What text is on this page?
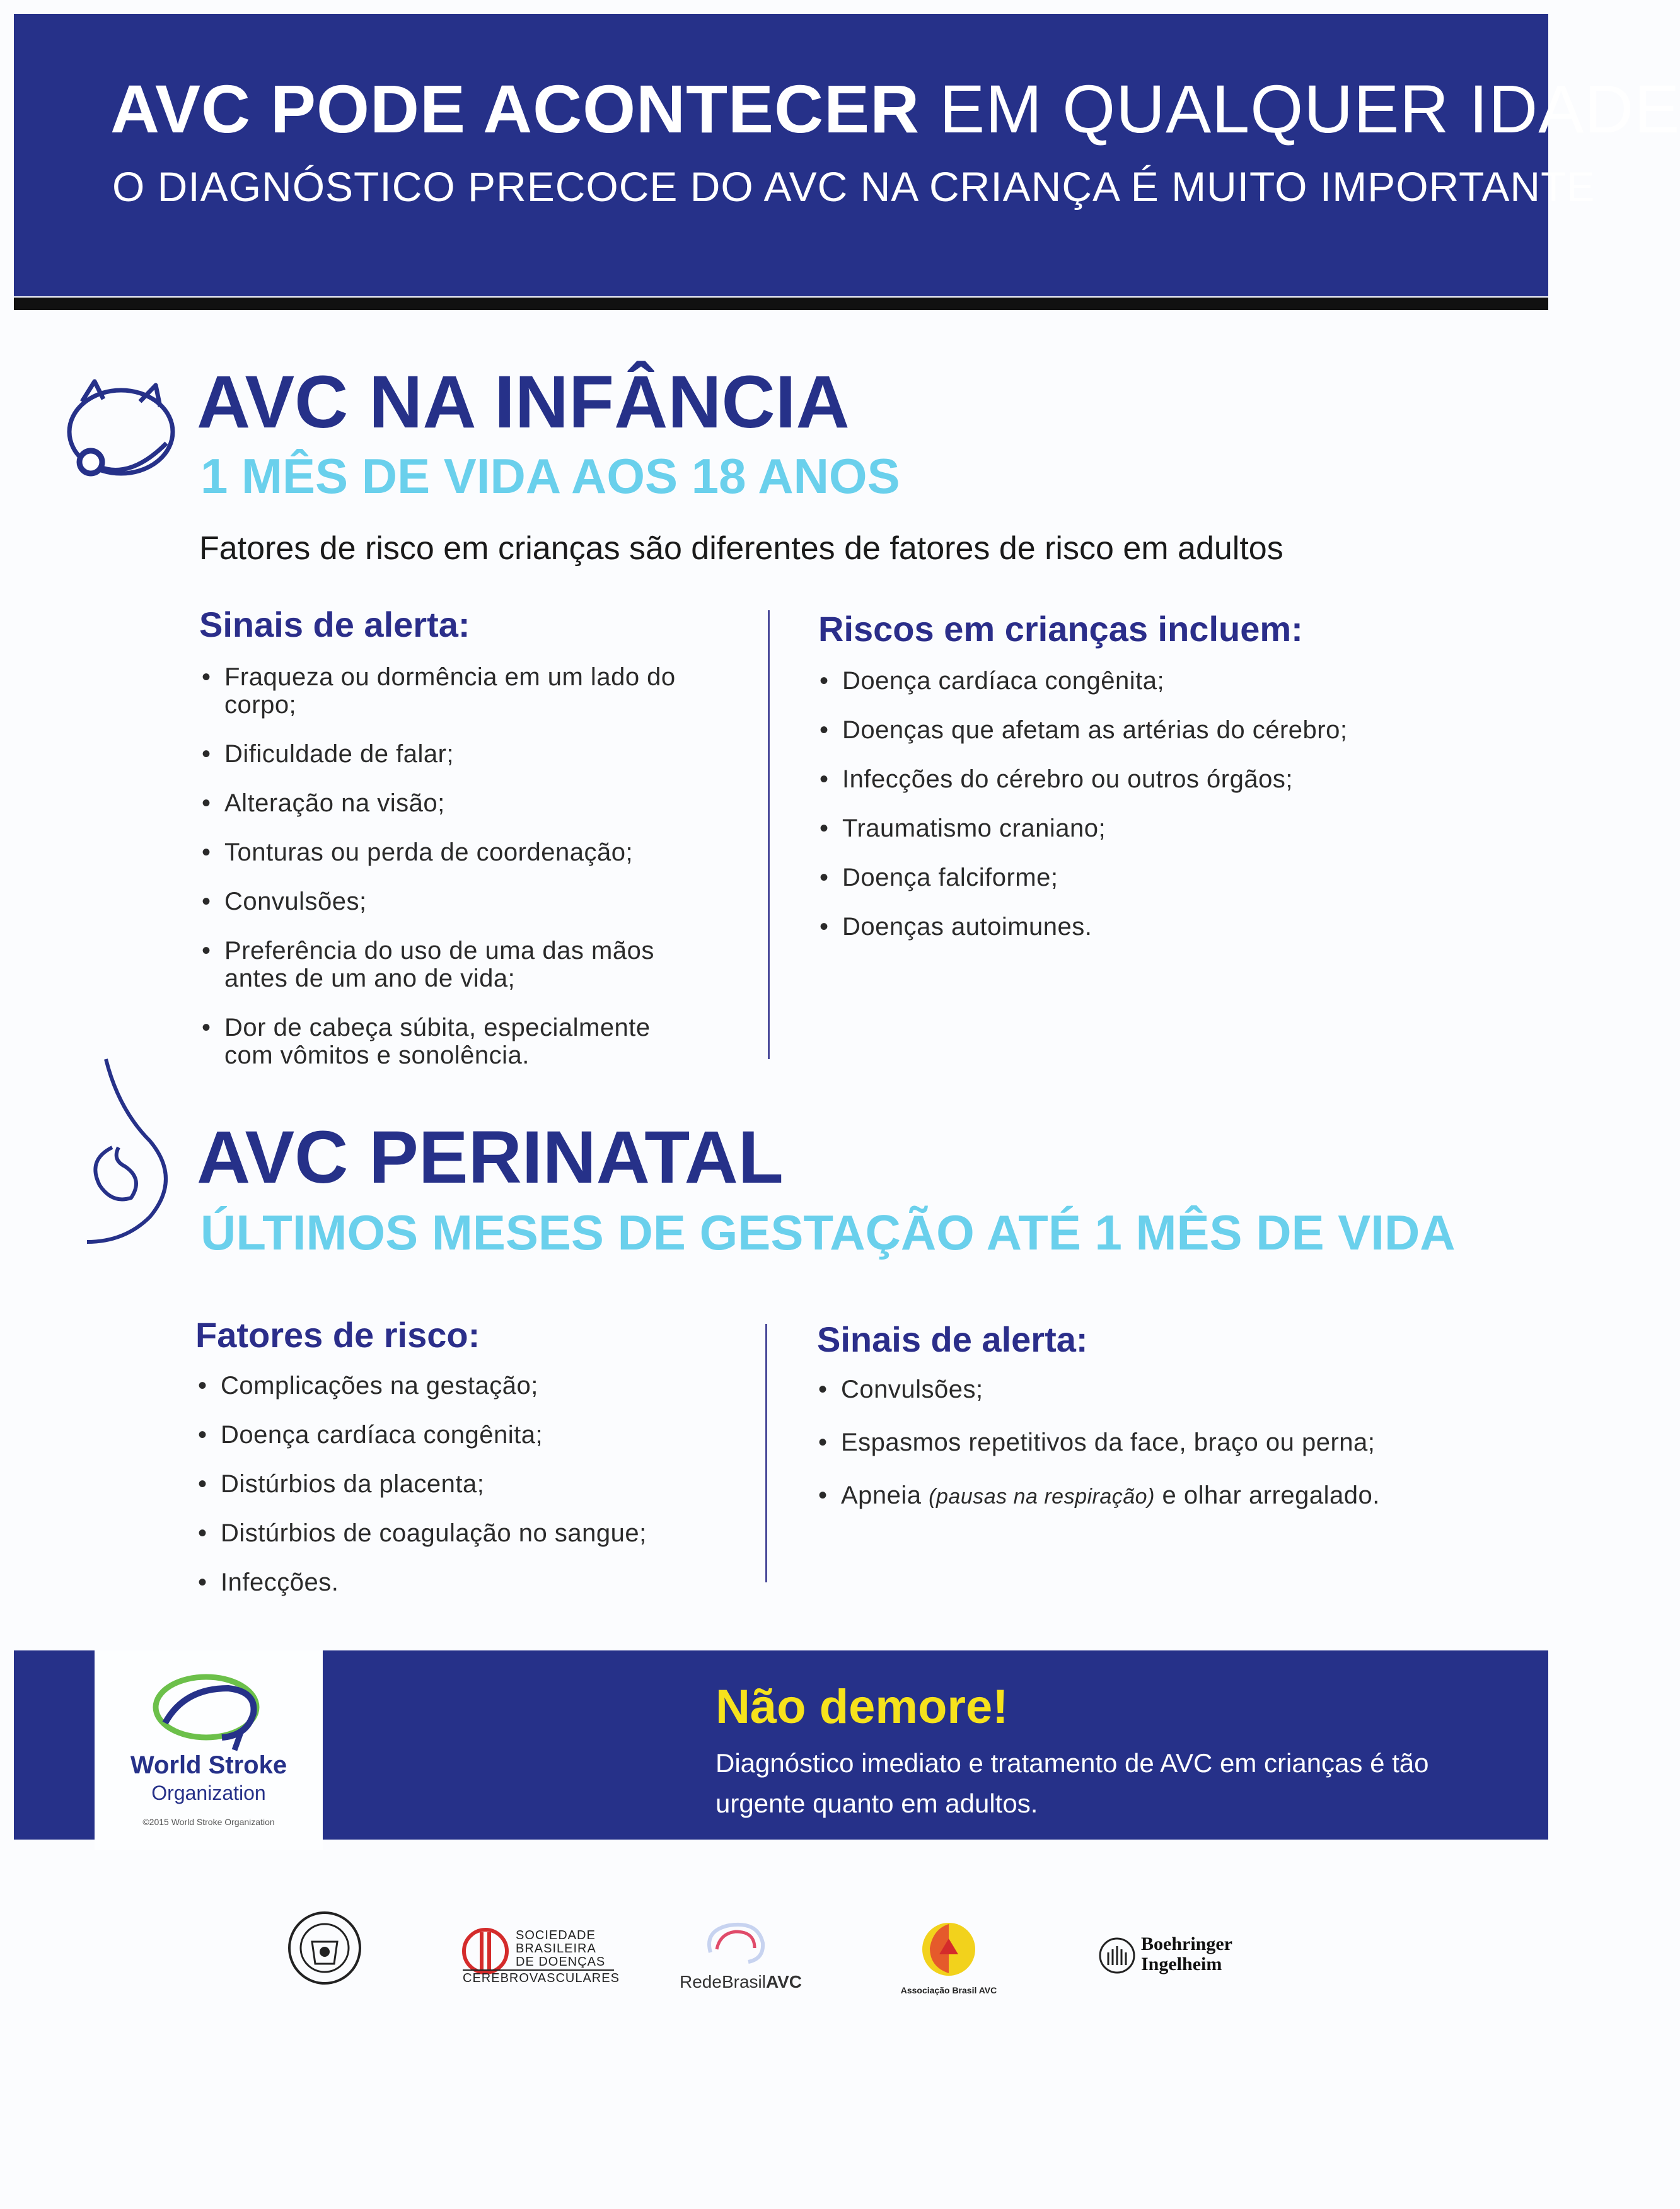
AVC PODE ACONTECER EM QUALQUER IDADE
O DIAGNÓSTICO PRECOCE DO AVC NA CRIANÇA É MUITO IMPORTANTE
AVC NA INFÂNCIA
1 MÊS DE VIDA AOS 18 ANOS
Fatores de risco em crianças são diferentes de fatores de risco em adultos
Sinais de alerta:
• Fraqueza ou dormência em um lado do corpo;
• Dificuldade de falar;
• Alteração na visão;
• Tonturas ou perda de coordenação;
• Convulsões;
• Preferência do uso de uma das mãos antes de um ano de vida;
• Dor de cabeça súbita, especialmente com vômitos e sonolência.
Riscos em crianças incluem:
• Doença cardíaca congênita;
• Doenças que afetam as artérias do cérebro;
• Infecções do cérebro ou outros órgãos;
• Traumatismo craniano;
• Doença falciforme;
• Doenças autoimunes.
AVC PERINATAL
ÚLTIMOS MESES DE GESTAÇÃO ATÉ 1 MÊS DE VIDA
Fatores de risco:
• Complicações na gestação;
• Doença cardíaca congênita;
• Distúrbios da placenta;
• Distúrbios de coagulação no sangue;
• Infecções.
Sinais de alerta:
• Convulsões;
• Espasmos repetitivos da face, braço ou perna;
• Apneia (pausas na respiração) e olhar arregalado.
World Stroke
Organization
©2015 World Stroke Organization
Não demore!
Diagnóstico imediato e tratamento de AVC em crianças é tão urgente quanto em adultos.
SOCIEDADE
BRASILEIRA
DE DOENÇAS
CEREBROVASCULARES	RedeBrasilAVC	Associação Brasil AVC
Boehringer
Ingelheim
